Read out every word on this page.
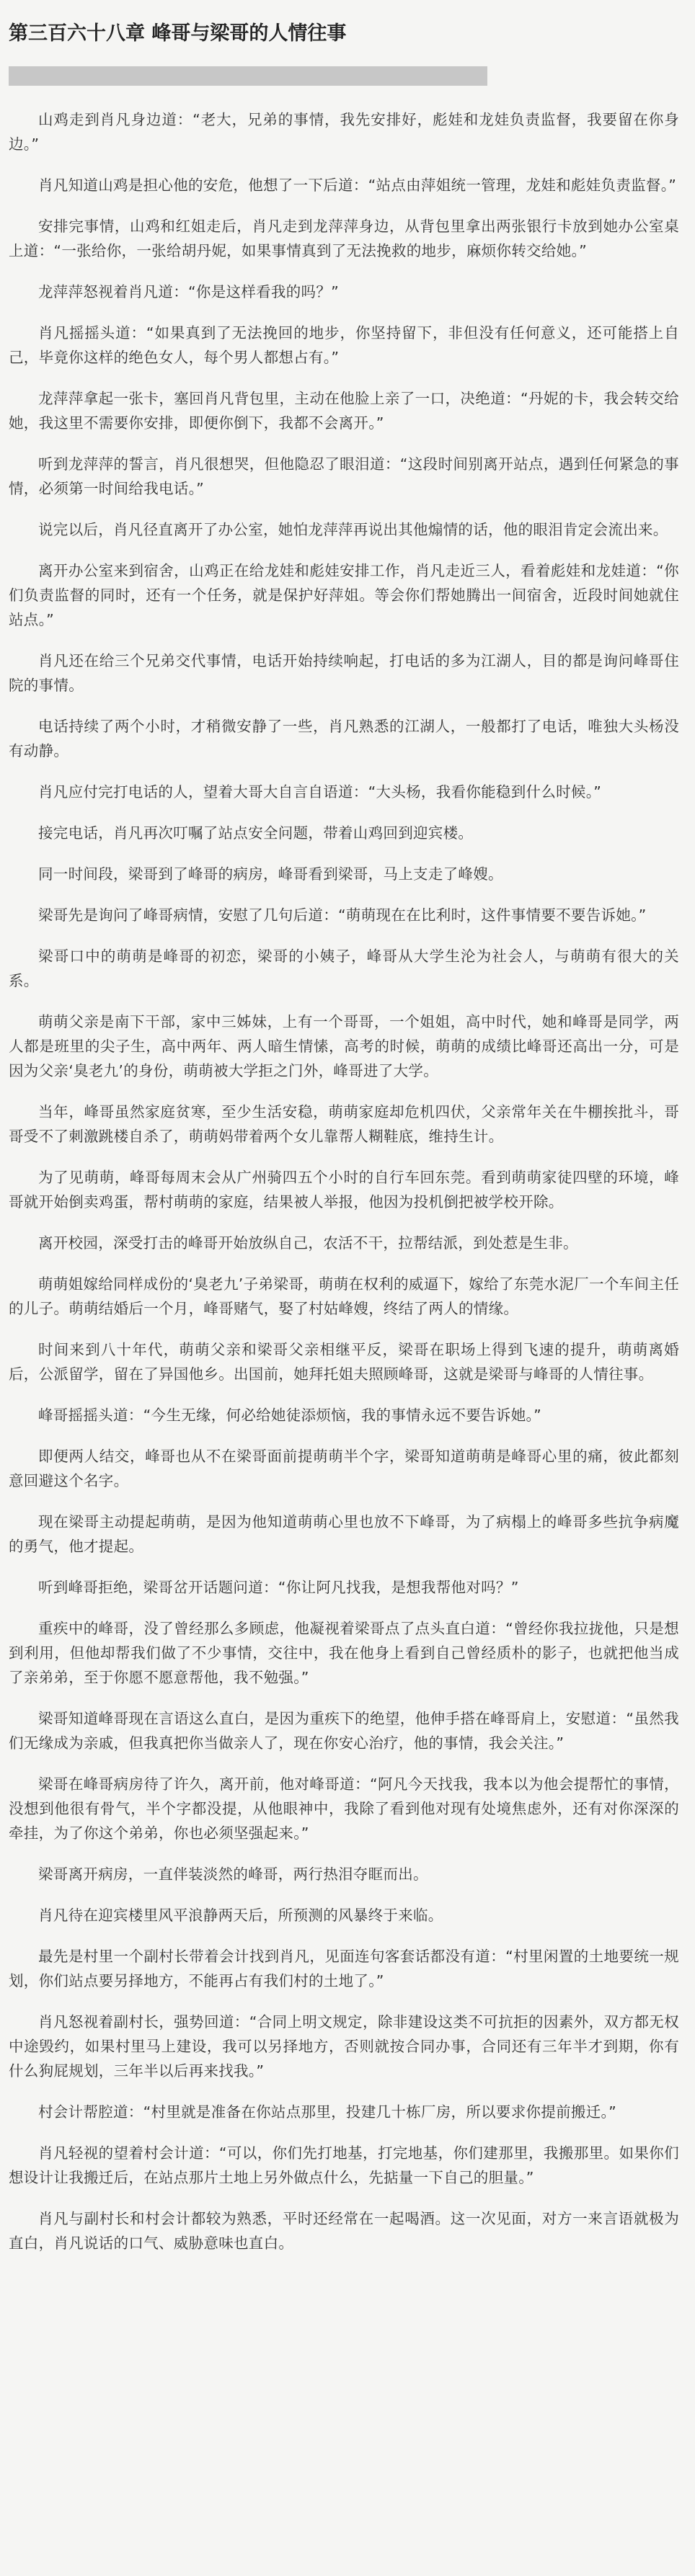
第三百六十八章 峰哥与梁哥的人情往事

山鸡走到肖凡身边道：“老大，兄弟的事情，我先安排好，彪娃和龙娃负责监督，我要留在你身边。”

肖凡知道山鸡是担心他的安危，他想了一下后道：“站点由萍姐统一管理，龙娃和彪娃负责监督。”

安排完事情，山鸡和红姐走后，肖凡走到龙萍萍身边，从背包里拿出两张银行卡放到她办公室桌上道：“一张给你，一张给胡丹妮，如果事情真到了无法挽救的地步，麻烦你转交给她。”

龙萍萍怒视着肖凡道：“你是这样看我的吗？”

肖凡摇摇头道：“如果真到了无法挽回的地步，你坚持留下，非但没有任何意义，还可能搭上自己，毕竟你这样的绝色女人，每个男人都想占有。”

龙萍萍拿起一张卡，塞回肖凡背包里，主动在他脸上亲了一口，决绝道：“丹妮的卡，我会转交给她，我这里不需要你安排，即便你倒下，我都不会离开。”

听到龙萍萍的誓言，肖凡很想哭，但他隐忍了眼泪道：“这段时间别离开站点，遇到任何紧急的事情，必须第一时间给我电话。”

说完以后，肖凡径直离开了办公室，她怕龙萍萍再说出其他煽情的话，他的眼泪肯定会流出来。

离开办公室来到宿舍，山鸡正在给龙娃和彪娃安排工作，肖凡走近三人，看着彪娃和龙娃道：“你们负责监督的同时，还有一个任务，就是保护好萍姐。等会你们帮她腾出一间宿舍，近段时间她就住站点。”

肖凡还在给三个兄弟交代事情，电话开始持续响起，打电话的多为江湖人，目的都是询问峰哥住院的事情。

电话持续了两个小时，才稍微安静了一些，肖凡熟悉的江湖人，一般都打了电话，唯独大头杨没有动静。

肖凡应付完打电话的人，望着大哥大自言自语道：“大头杨，我看你能稳到什么时候。”

接完电话，肖凡再次叮嘱了站点安全问题，带着山鸡回到迎宾楼。

同一时间段，梁哥到了峰哥的病房，峰哥看到梁哥，马上支走了峰嫂。

梁哥先是询问了峰哥病情，安慰了几句后道：“萌萌现在在比利时，这件事情要不要告诉她。”

梁哥口中的萌萌是峰哥的初恋，梁哥的小姨子，峰哥从大学生沦为社会人，与萌萌有很大的关系。

萌萌父亲是南下干部，家中三姊妹，上有一个哥哥，一个姐姐，高中时代，她和峰哥是同学，两人都是班里的尖子生，高中两年、两人暗生情愫，高考的时候，萌萌的成绩比峰哥还高出一分，可是因为父亲‘臭老九’的身份，萌萌被大学拒之门外，峰哥进了大学。

当年，峰哥虽然家庭贫寒，至少生活安稳，萌萌家庭却危机四伏，父亲常年关在牛棚挨批斗，哥哥受不了刺激跳楼自杀了，萌萌妈带着两个女儿靠帮人糊鞋底，维持生计。

为了见萌萌，峰哥每周末会从广州骑四五个小时的自行车回东莞。看到萌萌家徒四壁的环境，峰哥就开始倒卖鸡蛋，帮村萌萌的家庭，结果被人举报，他因为投机倒把被学校开除。

离开校园，深受打击的峰哥开始放纵自己，农活不干，拉帮结派，到处惹是生非。

萌萌姐嫁给同样成份的‘臭老九’子弟梁哥，萌萌在权利的威逼下，嫁给了东莞水泥厂一个车间主任的儿子。萌萌结婚后一个月，峰哥赌气，娶了村姑峰嫂，终结了两人的情缘。

时间来到八十年代，萌萌父亲和梁哥父亲相继平反，梁哥在职场上得到飞速的提升，萌萌离婚后，公派留学，留在了异国他乡。出国前，她拜托姐夫照顾峰哥，这就是梁哥与峰哥的人情往事。

峰哥摇摇头道：“今生无缘，何必给她徒添烦恼，我的事情永远不要告诉她。”

即便两人结交，峰哥也从不在梁哥面前提萌萌半个字，梁哥知道萌萌是峰哥心里的痛，彼此都刻意回避这个名字。

现在梁哥主动提起萌萌，是因为他知道萌萌心里也放不下峰哥，为了病榻上的峰哥多些抗争病魔的勇气，他才提起。

听到峰哥拒绝，梁哥岔开话题问道：“你让阿凡找我，是想我帮他对吗？”

重疾中的峰哥，没了曾经那么多顾虑，他凝视着梁哥点了点头直白道：“曾经你我拉拢他，只是想到利用，但他却帮我们做了不少事情，交往中，我在他身上看到自己曾经质朴的影子，也就把他当成了亲弟弟，至于你愿不愿意帮他，我不勉强。”

梁哥知道峰哥现在言语这么直白，是因为重疾下的绝望，他伸手搭在峰哥肩上，安慰道：“虽然我们无缘成为亲戚，但我真把你当做亲人了，现在你安心治疗，他的事情，我会关注。”

梁哥在峰哥病房待了许久，离开前，他对峰哥道：“阿凡今天找我，我本以为他会提帮忙的事情，没想到他很有骨气，半个字都没提，从他眼神中，我除了看到他对现有处境焦虑外，还有对你深深的牵挂，为了你这个弟弟，你也必须坚强起来。”

梁哥离开病房，一直伴装淡然的峰哥，两行热泪夺眶而出。

肖凡待在迎宾楼里风平浪静两天后，所预测的风暴终于来临。

最先是村里一个副村长带着会计找到肖凡，见面连句客套话都没有道：“村里闲置的土地要统一规划，你们站点要另择地方，不能再占有我们村的土地了。”

肖凡怒视着副村长，强势回道：“合同上明文规定，除非建设这类不可抗拒的因素外，双方都无权中途毁约，如果村里马上建设，我可以另择地方，否则就按合同办事，合同还有三年半才到期，你有什么狗屁规划，三年半以后再来找我。”

村会计帮腔道：“村里就是准备在你站点那里，投建几十栋厂房，所以要求你提前搬迁。”

肖凡轻视的望着村会计道：“可以，你们先打地基，打完地基，你们建那里，我搬那里。如果你们想设计让我搬迁后，在站点那片土地上另外做点什么，先掂量一下自己的胆量。”

肖凡与副村长和村会计都较为熟悉，平时还经常在一起喝酒。这一次见面，对方一来言语就极为直白，肖凡说话的口气、威胁意味也直白。
